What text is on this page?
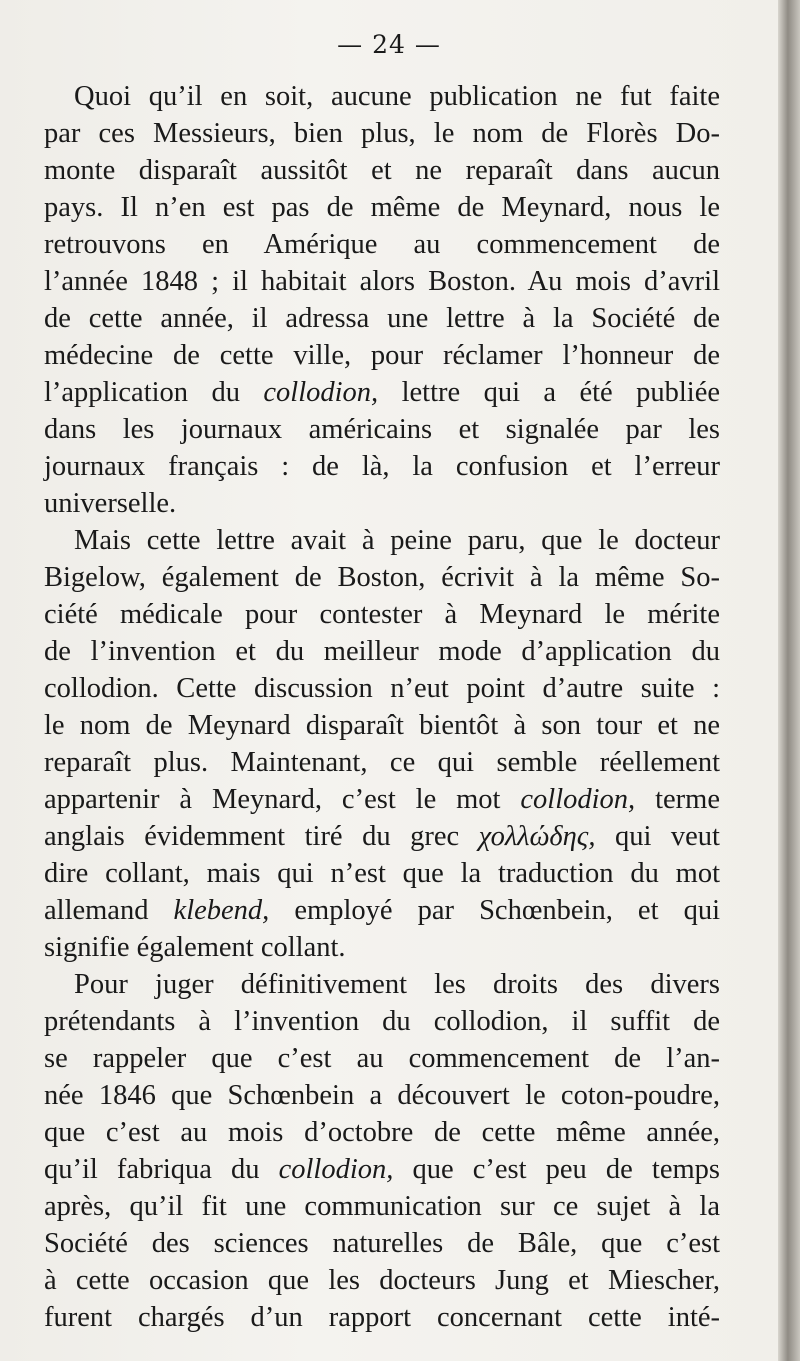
— 24 —
Quoi qu’il en soit, aucune publication ne fut faite
par ces Messieurs, bien plus, le nom de Florès Do-
monte disparaît aussitôt et ne reparaît dans aucun
pays. Il n’en est pas de même de Meynard, nous le
retrouvons en Amérique au commencement de
l’année 1848 ; il habitait alors Boston. Au mois d’avril
de cette année, il adressa une lettre à la Société de
médecine de cette ville, pour réclamer l’honneur de
l’application du collodion, lettre qui a été publiée
dans les journaux américains et signalée par les
journaux français : de là, la confusion et l’erreur
universelle.
Mais cette lettre avait à peine paru, que le docteur
Bigelow, également de Boston, écrivit à la même So-
ciété médicale pour contester à Meynard le mérite
de l’invention et du meilleur mode d’application du
collodion. Cette discussion n’eut point d’autre suite :
le nom de Meynard disparaît bientôt à son tour et ne
reparaît plus. Maintenant, ce qui semble réellement
appartenir à Meynard, c’est le mot collodion, terme
anglais évidemment tiré du grec χολλώδης, qui veut
dire collant, mais qui n’est que la traduction du mot
allemand klebend, employé par Schœnbein, et qui
signifie également collant.
Pour juger définitivement les droits des divers
prétendants à l’invention du collodion, il suffit de
se rappeler que c’est au commencement de l’an-
née 1846 que Schœnbein a découvert le coton-poudre,
que c’est au mois d’octobre de cette même année,
qu’il fabriqua du collodion, que c’est peu de temps
après, qu’il fit une communication sur ce sujet à la
Société des sciences naturelles de Bâle, que c’est
à cette occasion que les docteurs Jung et Miescher,
furent chargés d’un rapport concernant cette inté-
